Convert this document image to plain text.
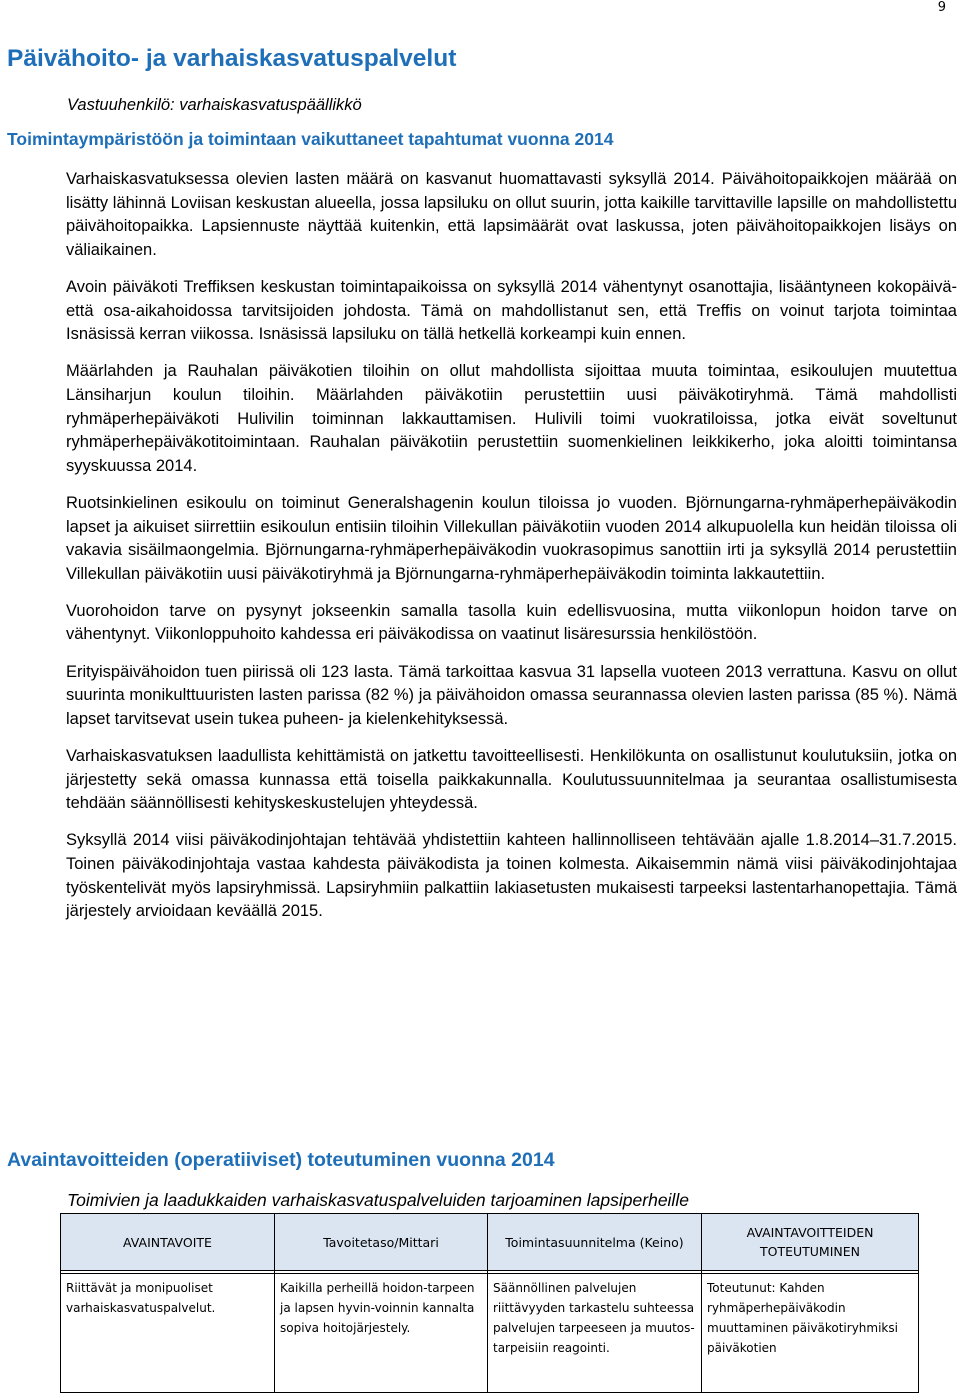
9
Päivähoito- ja varhaiskasvatuspalvelut
Vastuuhenkilö: varhaiskasvatuspäällikkö
Toimintaympäristöön ja toimintaan vaikuttaneet tapahtumat vuonna 2014

Varhaiskasvatuksessa olevien lasten määrä on kasvanut huomattavasti syksyllä 2014. Päivähoitopaikkojen määrää on lisätty lähinnä Loviisan keskustan alueella, jossa lapsiluku on ollut suurin, jotta kaikille tarvittaville lapsille on mahdollistettu päivähoitopaikka. Lapsiennuste näyttää kuitenkin, että lapsimäärät ovat laskussa, joten päivähoitopaikkojen lisäys on väliaikainen.

Avoin päiväkoti Treffiksen keskustan toimintapaikoissa on syksyllä 2014 vähentynyt osanottajia, lisääntyneen kokopäivä- että osa-aikahoidossa tarvitsijoiden johdosta. Tämä on mahdollistanut sen, että Treffis on voinut tarjota toimintaa Isnäsissä kerran viikossa. Isnäsissä lapsiluku on tällä hetkellä korkeampi kuin ennen.

Määrlahden ja Rauhalan päiväkotien tiloihin on ollut mahdollista sijoittaa muuta toimintaa, esikoulujen muutettua Länsiharjun koulun tiloihin. Määrlahden päiväkotiin perustettiin uusi päiväkotiryhmä. Tämä mahdollisti ryhmäperhepäiväkoti Hulivilin toiminnan lakkauttamisen. Hulivili toimi vuokratiloissa, jotka eivät soveltunut ryhmäperhepäiväkotitoimintaan. Rauhalan päiväkotiin perustettiin suomenkielinen leikkikerho, joka aloitti toimintansa syyskuussa 2014.

Ruotsinkielinen esikoulu on toiminut Generalshagenin koulun tiloissa jo vuoden. Björnungarna-ryhmäperhepäiväkodin lapset ja aikuiset siirrettiin esikoulun entisiin tiloihin Villekullan päiväkotiin vuoden 2014 alkupuolella kun heidän tiloissa oli vakavia sisäilmaongelmia. Björnungarna-ryhmäperhepäiväkodin vuokrasopimus sanottiin irti ja syksyllä 2014 perustettiin Villekullan päiväkotiin uusi päiväkotiryhmä ja Björnungarna-ryhmäperhepäiväkodin toiminta lakkautettiin.

Vuorohoidon tarve on pysynyt jokseenkin samalla tasolla kuin edellisvuosina, mutta viikonlopun hoidon tarve on vähentynyt. Viikonloppuhoito kahdessa eri päiväkodissa on vaatinut lisäresurssia henkilöstöön.

Erityispäivähoidon tuen piirissä oli 123 lasta. Tämä tarkoittaa kasvua 31 lapsella vuoteen 2013 verrattuna. Kasvu on ollut suurinta monikulttuuristen lasten parissa (82 %) ja päivähoidon omassa seurannassa olevien lasten parissa (85 %). Nämä lapset tarvitsevat usein tukea puheen- ja kielenkehityksessä.

Varhaiskasvatuksen laadullista kehittämistä on jatkettu tavoitteellisesti. Henkilökunta on osallistunut koulutuksiin, jotka on järjestetty sekä omassa kunnassa että toisella paikkakunnalla. Koulutussuunnitelmaa ja seurantaa osallistumisesta tehdään säännöllisesti kehityskeskustelujen yhteydessä.

Syksyllä 2014 viisi päiväkodinjohtajan tehtävää yhdistettiin kahteen hallinnolliseen tehtävään ajalle 1.8.2014–31.7.2015. Toinen päiväkodinjohtaja vastaa kahdesta päiväkodista ja toinen kolmesta. Aikaisemmin nämä viisi päiväkodinjohtajaa työskentelivät myös lapsiryhmissä. Lapsiryhmiin palkattiin lakiasetusten mukaisesti tarpeeksi lastentarhanopettajia. Tämä järjestely arvioidaan keväällä 2015.

Avaintavoitteiden (operatiiviset) toteutuminen vuonna 2014
Toimivien ja laadukkaiden varhaiskasvatuspalveluiden tarjoaminen lapsiperheille
AVAINTAVOITE	Tavoitetaso/Mittari	Toimintasuunnitelma (Keino)	AVAINTAVOITTEIDEN TOTEUTUMINEN

Riittävät ja monipuoliset varhaiskasvatuspalvelut.	Kaikilla perheillä hoidon-tarpeen ja lapsen hyvin-voinnin kannalta sopiva hoitojärjestely.	Säännöllinen palvelujen riittävyyden tarkastelu suhteessa palvelujen tarpeeseen ja muutos-tarpeisiin reagointi.	Toteutunut: Kahden ryhmäperhepäiväkodin muuttaminen päiväkotiryhmiksi päiväkotien
